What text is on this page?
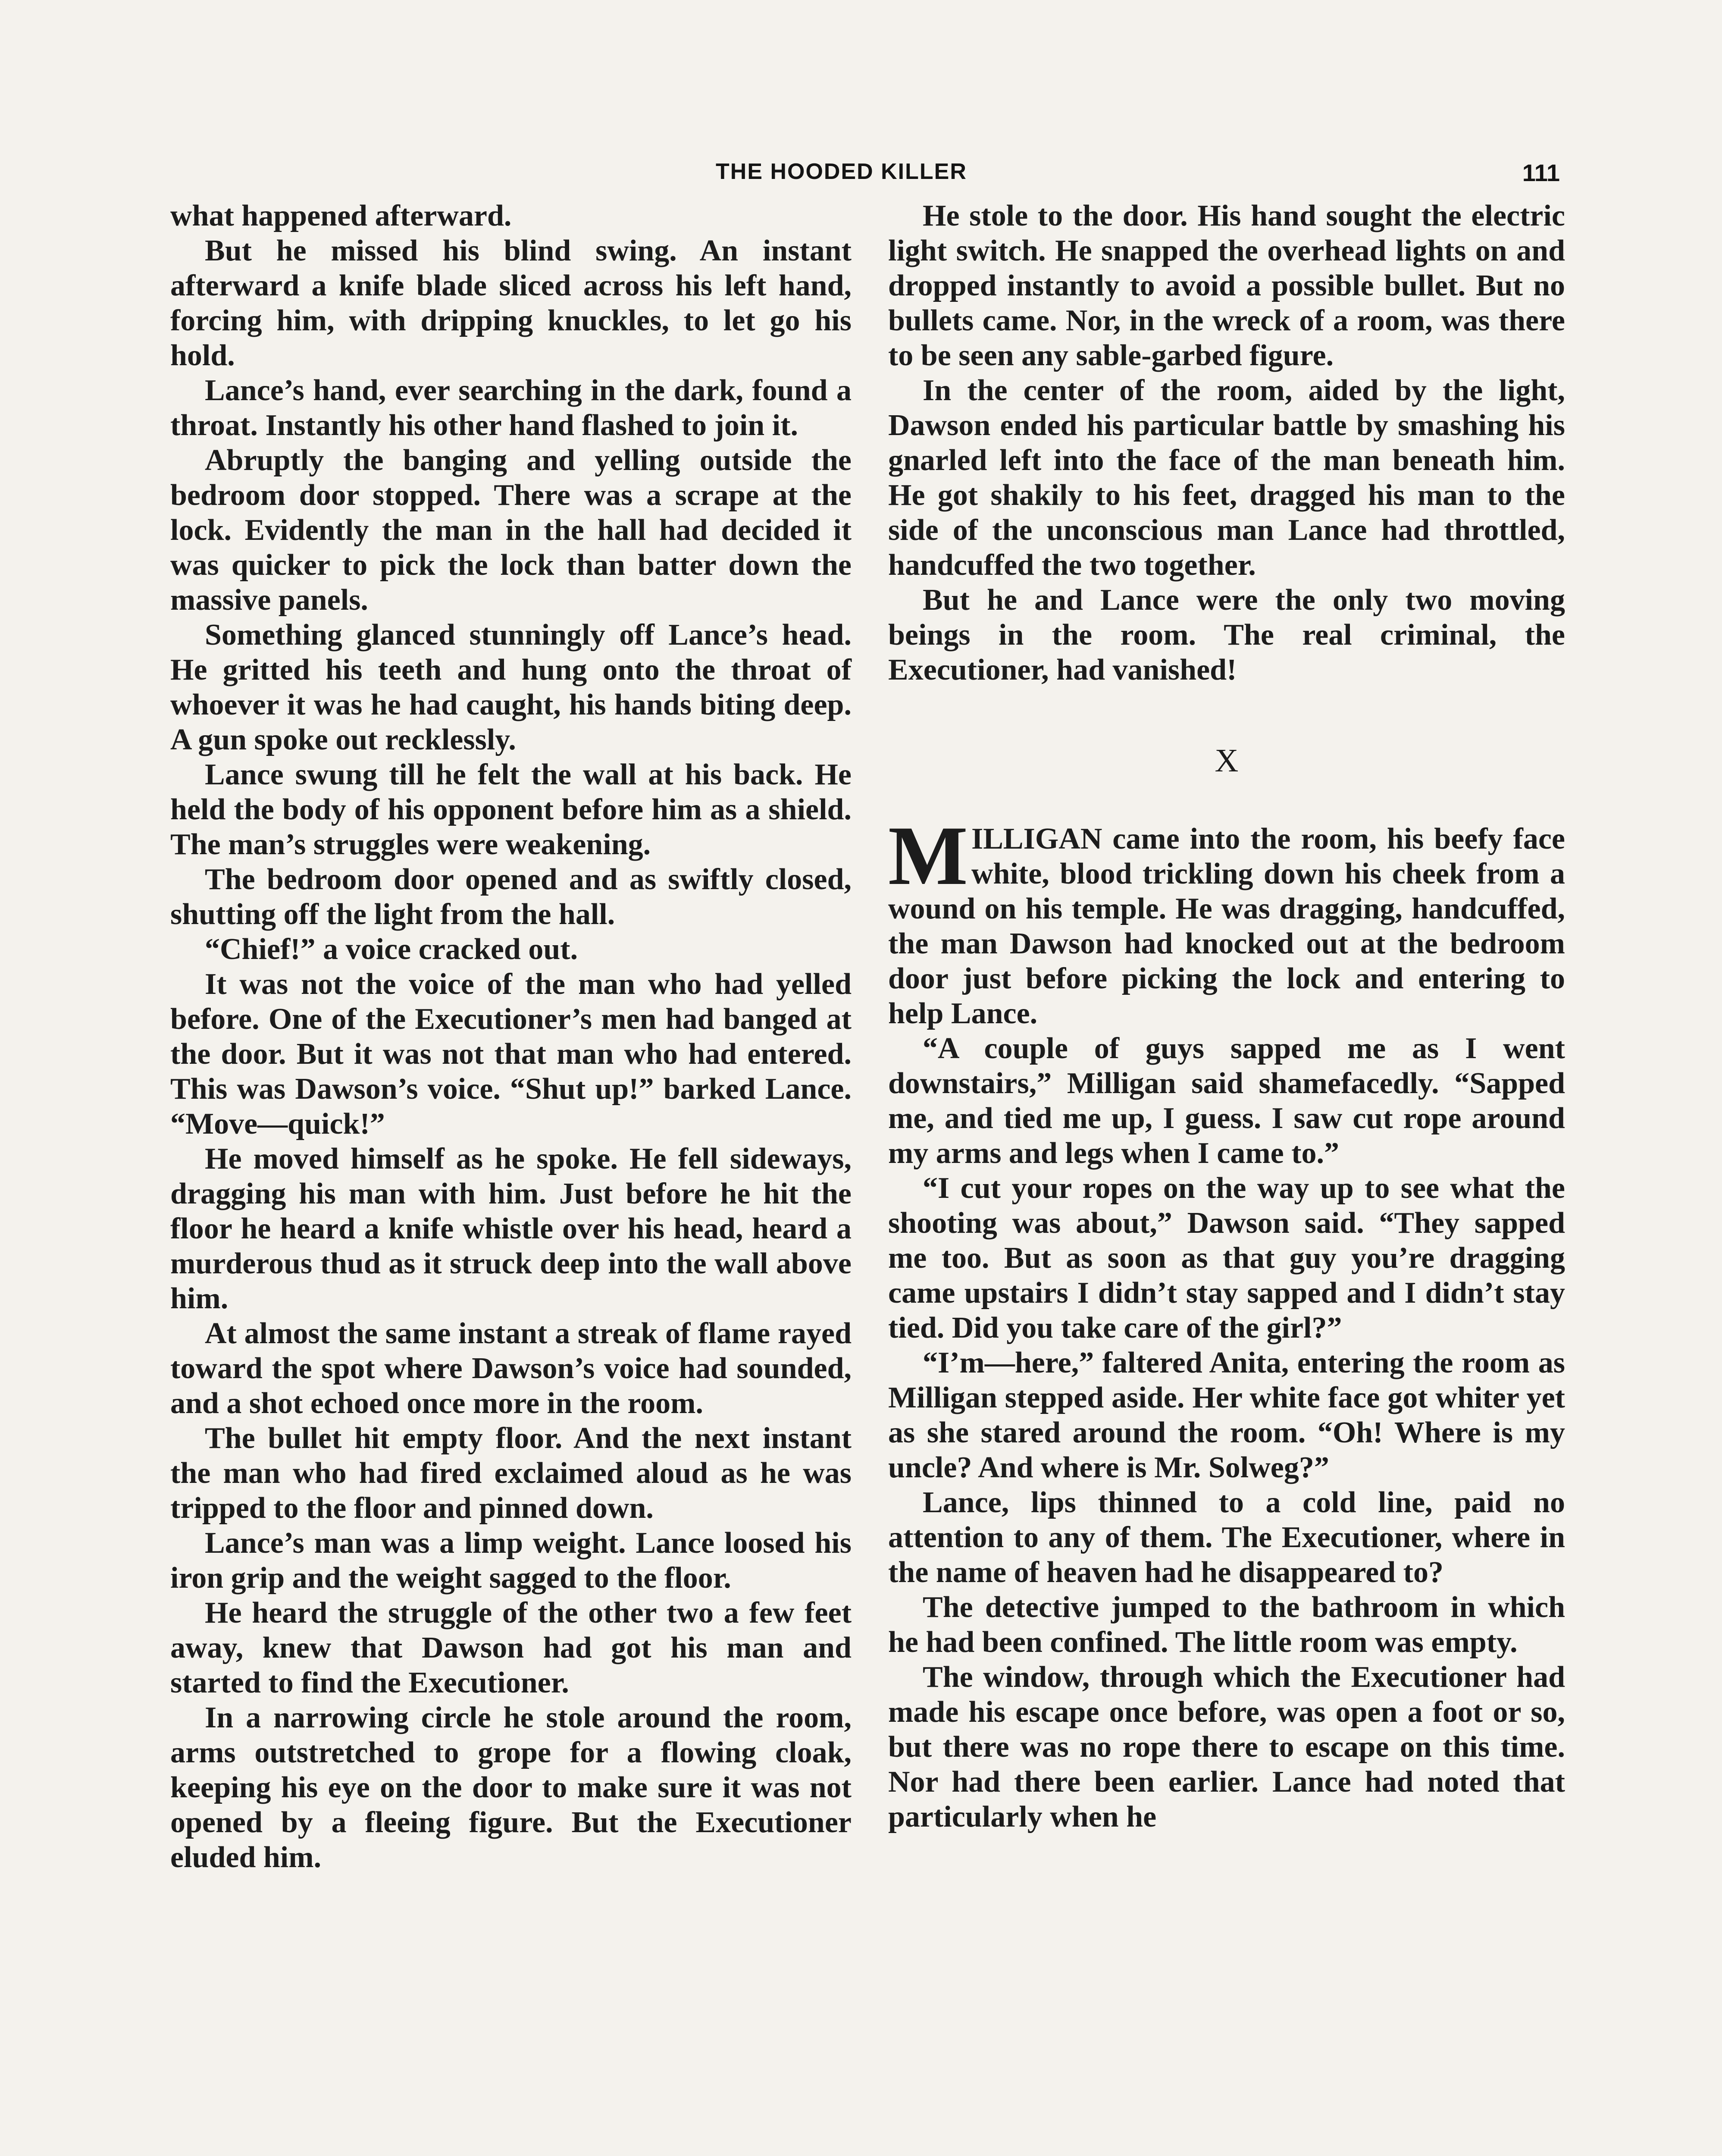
THE HOODED KILLER	111

what happened afterward.

But he missed his blind swing. An instant afterward a knife blade sliced across his left hand, forcing him, with dripping knuckles, to let go his hold.

Lance’s hand, ever searching in the dark, found a throat. Instantly his other hand flashed to join it.

Abruptly the banging and yelling outside the bedroom door stopped. There was a scrape at the lock. Evidently the man in the hall had decided it was quicker to pick the lock than batter down the massive panels.

Something glanced stunningly off Lance’s head. He gritted his teeth and hung onto the throat of whoever it was he had caught, his hands biting deep. A gun spoke out recklessly.

Lance swung till he felt the wall at his back. He held the body of his opponent before him as a shield. The man’s struggles were weakening.

The bedroom door opened and as swiftly closed, shutting off the light from the hall.

“Chief!” a voice cracked out.

It was not the voice of the man who had yelled before. One of the Executioner’s men had banged at the door. But it was not that man who had entered. This was Dawson’s voice. “Shut up!” barked Lance. “Move—quick!”

He moved himself as he spoke. He fell sideways, dragging his man with him. Just before he hit the floor he heard a knife whistle over his head, heard a murderous thud as it struck deep into the wall above him.

At almost the same instant a streak of flame rayed toward the spot where Dawson’s voice had sounded, and a shot echoed once more in the room.

The bullet hit empty floor. And the next instant the man who had fired exclaimed aloud as he was tripped to the floor and pinned down.

Lance’s man was a limp weight. Lance loosed his iron grip and the weight sagged to the floor.

He heard the struggle of the other two a few feet away, knew that Dawson had got his man and started to find the Executioner.

In a narrowing circle he stole around the room, arms outstretched to grope for a flowing cloak, keeping his eye on the door to make sure it was not opened by a fleeing figure. But the Executioner eluded him.

He stole to the door. His hand sought the electric light switch. He snapped the overhead lights on and dropped instantly to avoid a possible bullet. But no bullets came. Nor, in the wreck of a room, was there to be seen any sable-garbed figure.

In the center of the room, aided by the light, Dawson ended his particular battle by smashing his gnarled left into the face of the man beneath him. He got shakily to his feet, dragged his man to the side of the unconscious man Lance had throttled, handcuffed the two together.

But he and Lance were the only two moving beings in the room. The real criminal, the Executioner, had vanished!

X

MILLIGAN came into the room, his beefy face white, blood trickling down his cheek from a wound on his temple. He was dragging, handcuffed, the man Dawson had knocked out at the bedroom door just before picking the lock and entering to help Lance.

“A couple of guys sapped me as I went downstairs,” Milligan said shamefacedly. “Sapped me, and tied me up, I guess. I saw cut rope around my arms and legs when I came to.”

“I cut your ropes on the way up to see what the shooting was about,” Dawson said. “They sapped me too. But as soon as that guy you’re dragging came upstairs I didn’t stay sapped and I didn’t stay tied. Did you take care of the girl?”

“I’m—here,” faltered Anita, entering the room as Milligan stepped aside. Her white face got whiter yet as she stared around the room. “Oh! Where is my uncle? And where is Mr. Solweg?”

Lance, lips thinned to a cold line, paid no attention to any of them. The Executioner, where in the name of heaven had he disappeared to?

The detective jumped to the bathroom in which he had been confined. The little room was empty.

The window, through which the Executioner had made his escape once before, was open a foot or so, but there was no rope there to escape on this time. Nor had there been earlier. Lance had noted that particularly when he
